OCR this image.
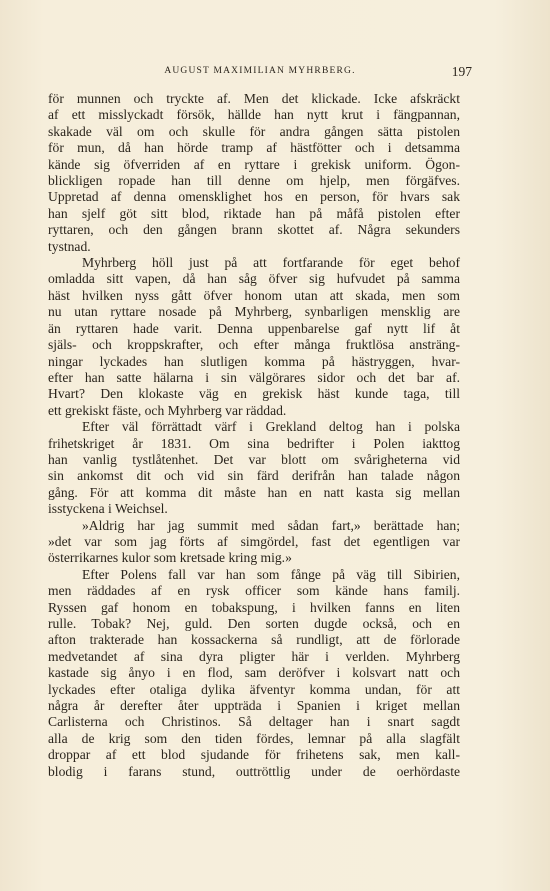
AUGUST MAXIMILIAN MYHRBERG.	197
för munnen och tryckte af. Men det klickade. Icke afskräckt
af ett misslyckadt försök, hällde han nytt krut i fängpannan,
skakade väl om och skulle för andra gången sätta pistolen
för mun, då han hörde tramp af hästfötter och i detsamma
kände sig öfverriden af en ryttare i grekisk uniform. Ögon-
blickligen ropade han till denne om hjelp, men förgäfves.
Uppretad af denna omensklighet hos en person, för hvars sak
han sjelf göt sitt blod, riktade han på måfå pistolen efter
ryttaren, och den gången brann skottet af. Några sekunders
tystnad.
Myhrberg höll just på att fortfarande för eget behof
omladda sitt vapen, då han såg öfver sig hufvudet på samma
häst hvilken nyss gått öfver honom utan att skada, men som
nu utan ryttare nosade på Myhrberg, synbarligen mensklig are
än ryttaren hade varit. Denna uppenbarelse gaf nytt lif åt
själs- och kroppskrafter, och efter många fruktlösa ansträng-
ningar lyckades han slutligen komma på hästryggen, hvar-
efter han satte hälarna i sin välgörares sidor och det bar af.
Hvart? Den klokaste väg en grekisk häst kunde taga, till
ett grekiskt fäste, och Myhrberg var räddad.
Efter väl förrättadt värf i Grekland deltog han i polska
frihetskriget år 1831. Om sina bedrifter i Polen iakttog
han vanlig tystlåtenhet. Det var blott om svårigheterna vid
sin ankomst dit och vid sin färd derifrån han talade någon
gång. För att komma dit måste han en natt kasta sig mellan
isstyckena i Weichsel.
»Aldrig har jag summit med sådan fart,» berättade han;
»det var som jag förts af simgördel, fast det egentligen var
österrikarnes kulor som kretsade kring mig.»
Efter Polens fall var han som fånge på väg till Sibirien,
men räddades af en rysk officer som kände hans familj.
Ryssen gaf honom en tobakspung, i hvilken fanns en liten
rulle. Tobak? Nej, guld. Den sorten dugde också, och en
afton trakterade han kossackerna så rundligt, att de förlorade
medvetandet af sina dyra pligter här i verlden. Myhrberg
kastade sig ånyo i en flod, sam deröfver i kolsvart natt och
lyckades efter otaliga dylika äfventyr komma undan, för att
några år derefter åter uppträda i Spanien i kriget mellan
Carlisterna och Christinos. Så deltager han i snart sagdt
alla de krig som den tiden fördes, lemnar på alla slagfält
droppar af ett blod sjudande för frihetens sak, men kall-
blodig i farans stund, outtröttlig under de oerhördaste
